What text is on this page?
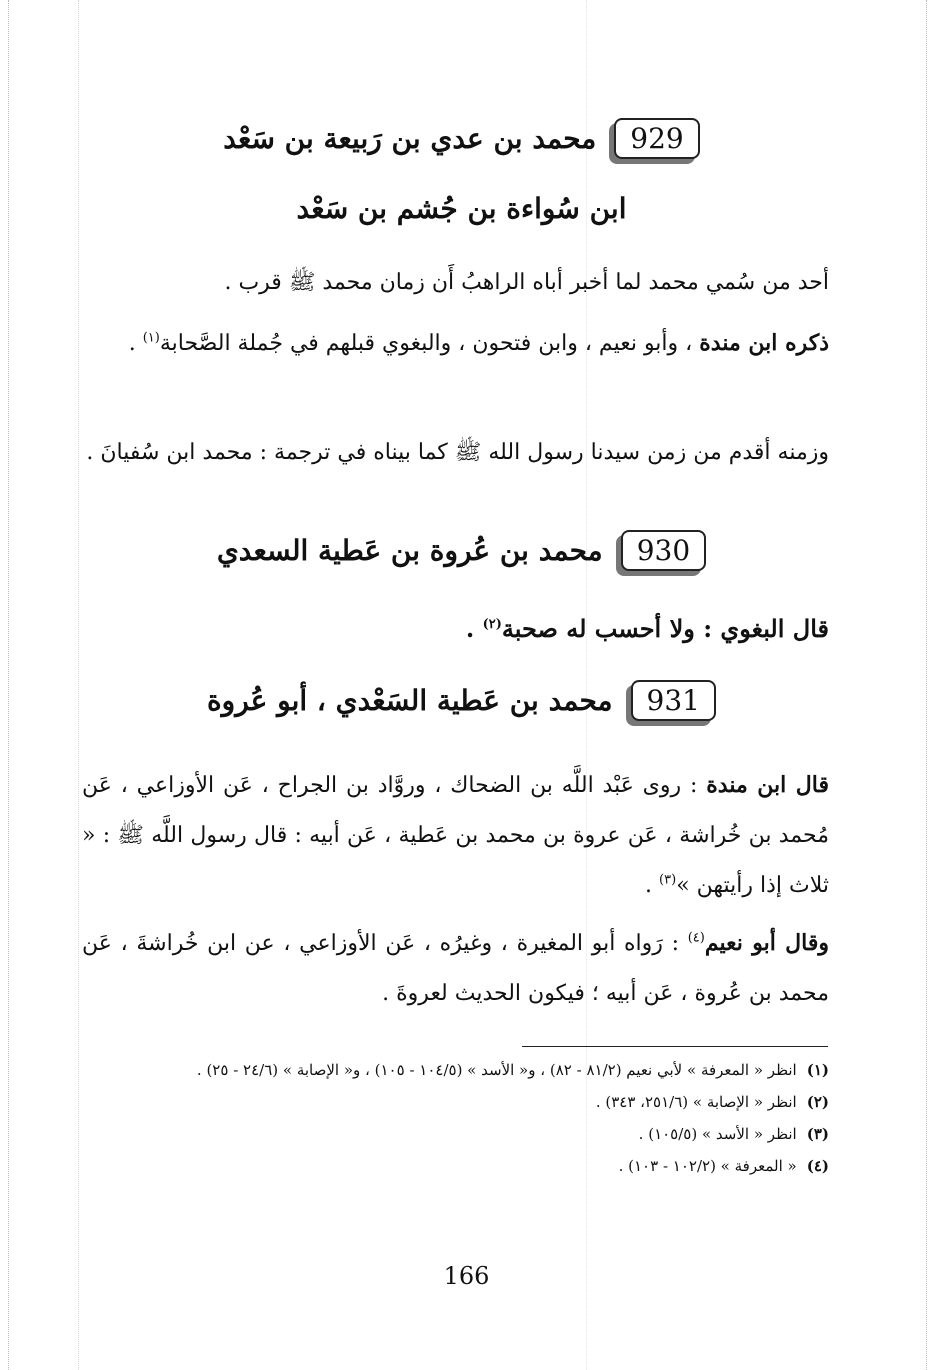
929
محمد بن عدي بن رَبيعة بن سَعْد
ابن سُواءة بن جُشم بن سَعْد
أحد من سُمي محمد لما أخبر أباه الراهبُ أَن زمان محمد ﷺ قرب .
ذكره ابن مندة ، وأبو نعيم ، وابن فتحون ، والبغوي قبلهم في جُملة الصَّحابة$^{(١)}$ .
وزمنه أقدم من زمن سيدنا رسول الله ﷺ كما بيناه في ترجمة : محمد ابن سُفيانَ .
930
محمد بن عُروة بن عَطية السعدي
قال البغوي : ولا أحسب له صحبة$^{(٢)}$ .
931
محمد بن عَطية السَعْدي ، أبو عُروة
قال ابن مندة : روى عَبْد اللَّه بن الضحاك ، وروَّاد بن الجراح ، عَن الأوزاعي ، عَن مُحمد بن خُراشة ، عَن عروة بن محمد بن عَطية ، عَن أبيه : قال رسول اللَّه ﷺ : « ثلاث إذا رأيتهن »$^{(٣)}$ .
وقال أبو نعيم$^{(٤)}$ : رَواه أبو المغيرة ، وغيرُه ، عَن الأوزاعي ، عن ابن خُراشةَ ، عَن محمد بن عُروة ، عَن أبيه ؛ فيكون الحديث لعروةَ .
(١)انظر « المعرفة » لأبي نعيم (٨١/٢ - ٨٢) ، و« الأسد » (١٠٤/٥ - ١٠٥) ، و« الإصابة » (٢٤/٦ - ٢٥) .
(٢)انظر « الإصابة » (٢٥١/٦، ٣٤٣) .
(٣)انظر « الأسد » (١٠٥/٥) .
(٤)« المعرفة » (١٠٢/٢ - ١٠٣) .
166
